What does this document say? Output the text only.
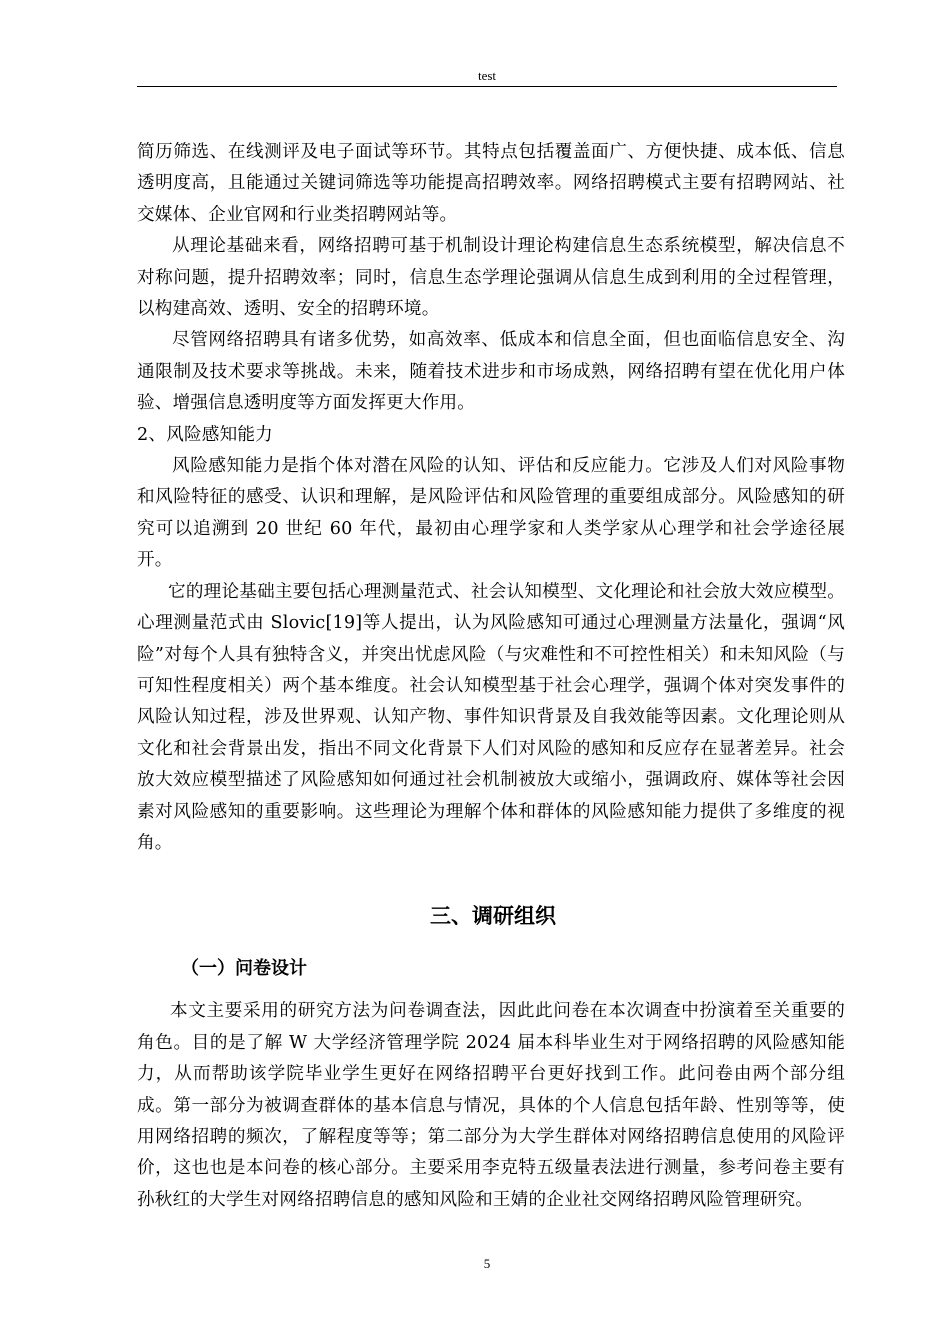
test

简历筛选、在线测评及电子面试等环节。其特点包括覆盖面广、方便快捷、成本低、信息透明度高，且能通过关键词筛选等功能提高招聘效率。网络招聘模式主要有招聘网站、社交媒体、企业官网和行业类招聘网站等。

从理论基础来看，网络招聘可基于机制设计理论构建信息生态系统模型，解决信息不对称问题，提升招聘效率；同时，信息生态学理论强调从信息生成到利用的全过程管理，以构建高效、透明、安全的招聘环境。

尽管网络招聘具有诸多优势，如高效率、低成本和信息全面，但也面临信息安全、沟通限制及技术要求等挑战。未来，随着技术进步和市场成熟，网络招聘有望在优化用户体验、增强信息透明度等方面发挥更大作用。

2、风险感知能力

风险感知能力是指个体对潜在风险的认知、评估和反应能力。它涉及人们对风险事物和风险特征的感受、认识和理解，是风险评估和风险管理的重要组成部分。风险感知的研究可以追溯到 20 世纪 60 年代，最初由心理学家和人类学家从心理学和社会学途径展开。

它的理论基础主要包括心理测量范式、社会认知模型、文化理论和社会放大效应模型。心理测量范式由 Slovic[19]等人提出，认为风险感知可通过心理测量方法量化，强调“风险”对每个人具有独特含义，并突出忧虑风险（与灾难性和不可控性相关）和未知风险（与可知性程度相关）两个基本维度。社会认知模型基于社会心理学，强调个体对突发事件的风险认知过程，涉及世界观、认知产物、事件知识背景及自我效能等因素。文化理论则从文化和社会背景出发，指出不同文化背景下人们对风险的感知和反应存在显著差异。社会放大效应模型描述了风险感知如何通过社会机制被放大或缩小，强调政府、媒体等社会因素对风险感知的重要影响。这些理论为理解个体和群体的风险感知能力提供了多维度的视角。

三、调研组织
（一）问卷设计

本文主要采用的研究方法为问卷调查法，因此此问卷在本次调查中扮演着至关重要的角色。目的是了解 W 大学经济管理学院 2024 届本科毕业生对于网络招聘的风险感知能力，从而帮助该学院毕业学生更好在网络招聘平台更好找到工作。此问卷由两个部分组成。第一部分为被调查群体的基本信息与情况，具体的个人信息包括年龄、性别等等，使用网络招聘的频次，了解程度等等；第二部分为大学生群体对网络招聘信息使用的风险评价，这也也是本问卷的核心部分。主要采用李克特五级量表法进行测量，参考问卷主要有孙秋红的大学生对网络招聘信息的感知风险和王婧的企业社交网络招聘风险管理研究。

5
